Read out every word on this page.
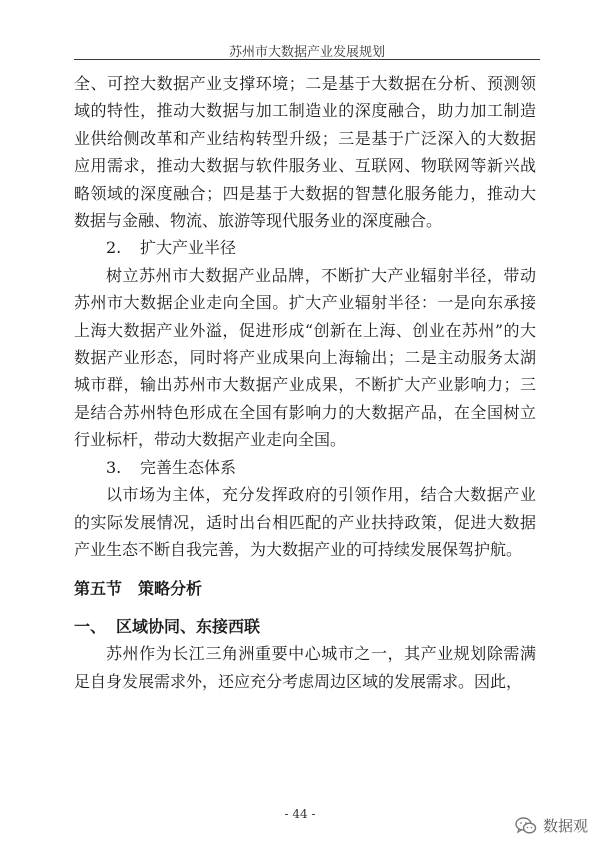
苏州市大数据产业发展规划

全、可控大数据产业支撑环境；二是基于大数据在分析、预测领域的特性，推动大数据与加工制造业的深度融合，助力加工制造业供给侧改革和产业结构转型升级；三是基于广泛深入的大数据应用需求，推动大数据与软件服务业、互联网、物联网等新兴战略领域的深度融合；四是基于大数据的智慧化服务能力，推动大数据与金融、物流、旅游等现代服务业的深度融合。

2. 扩大产业半径

树立苏州市大数据产业品牌，不断扩大产业辐射半径，带动苏州市大数据企业走向全国。扩大产业辐射半径：一是向东承接上海大数据产业外溢，促进形成“创新在上海、创业在苏州”的大数据产业形态，同时将产业成果向上海输出；二是主动服务太湖城市群，输出苏州市大数据产业成果，不断扩大产业影响力；三是结合苏州特色形成在全国有影响力的大数据产品，在全国树立行业标杆，带动大数据产业走向全国。

3. 完善生态体系

以市场为主体，充分发挥政府的引领作用，结合大数据产业的实际发展情况，适时出台相匹配的产业扶持政策，促进大数据产业生态不断自我完善，为大数据产业的可持续发展保驾护航。

第五节 策略分析

一、 区域协同、东接西联

苏州作为长江三角洲重要中心城市之一，其产业规划除需满足自身发展需求外，还应充分考虑周边区域的发展需求。因此，

- 44 -
数据观
